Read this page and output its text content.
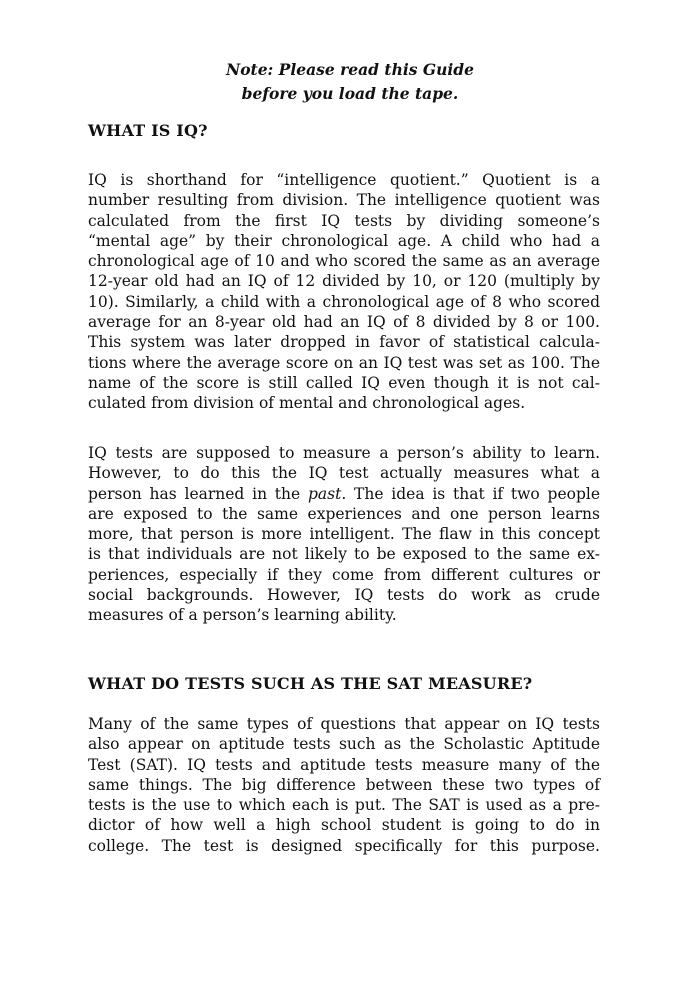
Note: Please read this Guide
before you load the tape.
WHAT IS IQ?
IQ is shorthand for “intelligence quotient.” Quotient is a
number resulting from division. The intelligence quotient was
calculated from the first IQ tests by dividing someone’s
“mental age” by their chronological age. A child who had a
chronological age of 10 and who scored the same as an average
12-year old had an IQ of 12 divided by 10, or 120 (multiply by
10). Similarly, a child with a chronological age of 8 who scored
average for an 8-year old had an IQ of 8 divided by 8 or 100.
This system was later dropped in favor of statistical calcula-
tions where the average score on an IQ test was set as 100. The
name of the score is still called IQ even though it is not cal-
culated from division of mental and chronological ages.
IQ tests are supposed to measure a person’s ability to learn.
However, to do this the IQ test actually measures what a
person has learned in the past. The idea is that if two people
are exposed to the same experiences and one person learns
more, that person is more intelligent. The flaw in this concept
is that individuals are not likely to be exposed to the same ex-
periences, especially if they come from different cultures or
social backgrounds. However, IQ tests do work as crude
measures of a person’s learning ability.
WHAT DO TESTS SUCH AS THE SAT MEASURE?
Many of the same types of questions that appear on IQ tests
also appear on aptitude tests such as the Scholastic Aptitude
Test (SAT). IQ tests and aptitude tests measure many of the
same things. The big difference between these two types of
tests is the use to which each is put. The SAT is used as a pre-
dictor of how well a high school student is going to do in
college. The test is designed specifically for this purpose.
